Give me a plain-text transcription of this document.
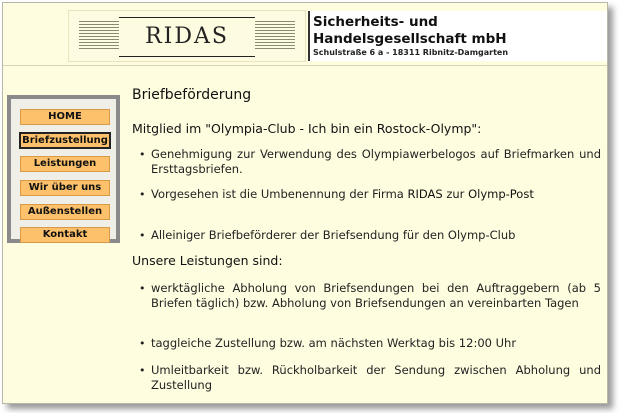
RIDAS
Sicherheits- und
Handelsgesellschaft mbH
Schulstraße 6 a - 18311 Ribnitz-Damgarten
HOME
Briefzustellung
Leistungen
Wir über uns
Außenstellen
Kontakt
Briefbeförderung
Mitglied im "Olympia-Club - Ich bin ein Rostock-Olymp":
• Genehmigung zur Verwendung des Olympiawerbelogos auf Briefmarken und Ersttagsbriefen.
• Vorgesehen ist die Umbenennung der Firma RIDAS zur Olymp-Post
• Alleiniger Briefbeförderer der Briefsendung für den Olymp-Club
Unsere Leistungen sind:
• werktägliche Abholung von Briefsendungen bei den Auftraggebern (ab 5 Briefen täglich) bzw. Abholung von Briefsendungen an vereinbarten Tagen
• taggleiche Zustellung bzw. am nächsten Werktag bis 12:00 Uhr
• Umleitbarkeit bzw. Rückholbarkeit der Sendung zwischen Abholung und Zustellung
